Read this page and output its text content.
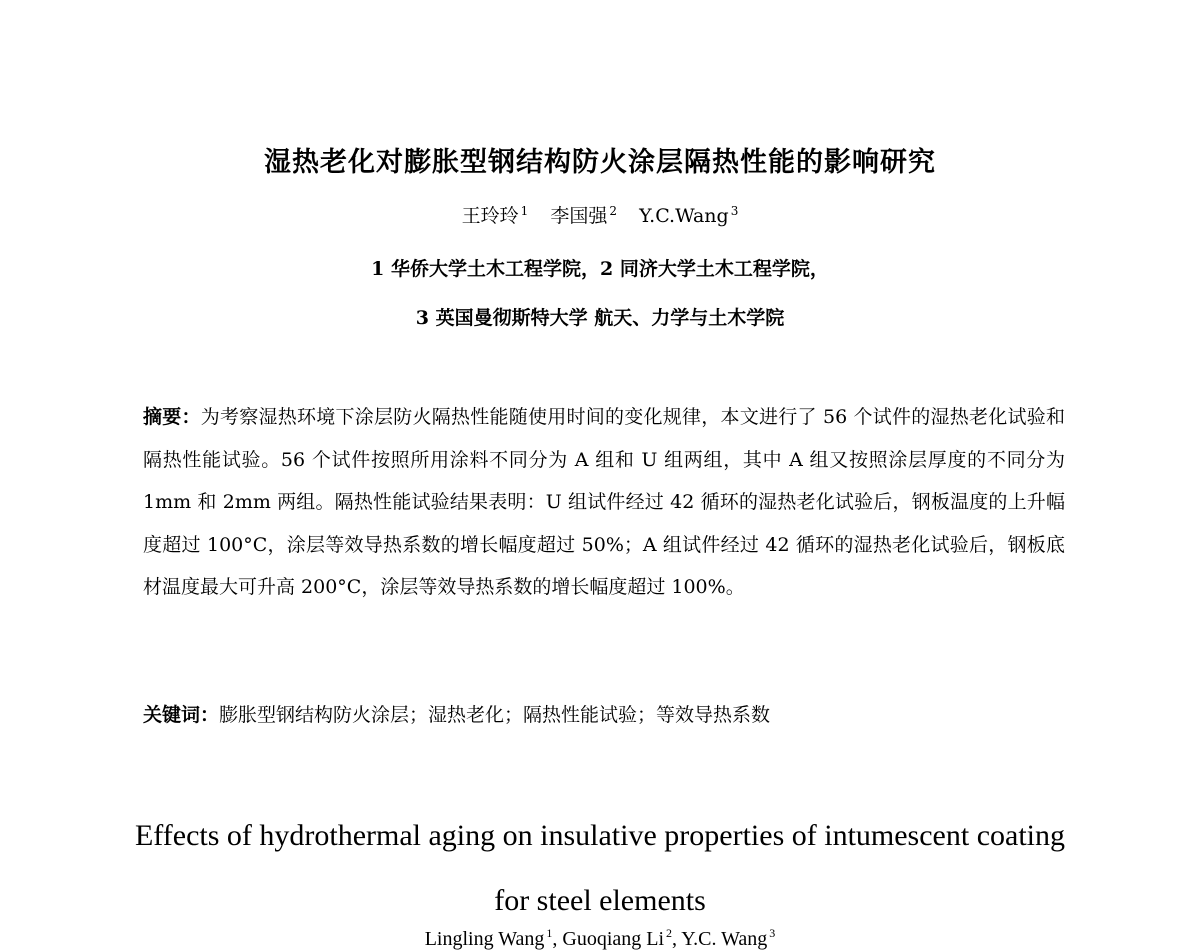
湿热老化对膨胀型钢结构防火涂层隔热性能的影响研究
王玲玲 $^1$ 李国强 $^2$ Y.C.Wang $^3$
1 华侨大学土木工程学院，2 同济大学土木工程学院，
3 英国曼彻斯特大学 航天、力学与土木学院
摘要：为考察湿热环境下涂层防火隔热性能随使用时间的变化规律，本文进行了 56 个试件的湿热老化试验和隔热性能试验。56 个试件按照所用涂料不同分为 A 组和 U 组两组，其中 A 组又按照涂层厚度的不同分为 1mm 和 2mm 两组。隔热性能试验结果表明：U 组试件经过 42 循环的湿热老化试验后，钢板温度的上升幅度超过 100°C，涂层等效导热系数的增长幅度超过 50%；A 组试件经过 42 循环的湿热老化试验后，钢板底材温度最大可升高 200°C，涂层等效导热系数的增长幅度超过 100%。
关键词：膨胀型钢结构防火涂层；湿热老化；隔热性能试验；等效导热系数
Effects of hydrothermal aging on insulative properties of intumescent coating for steel elements
Lingling Wang $^1$, Guoqiang Li $^2$, Y.C. Wang $^3$
